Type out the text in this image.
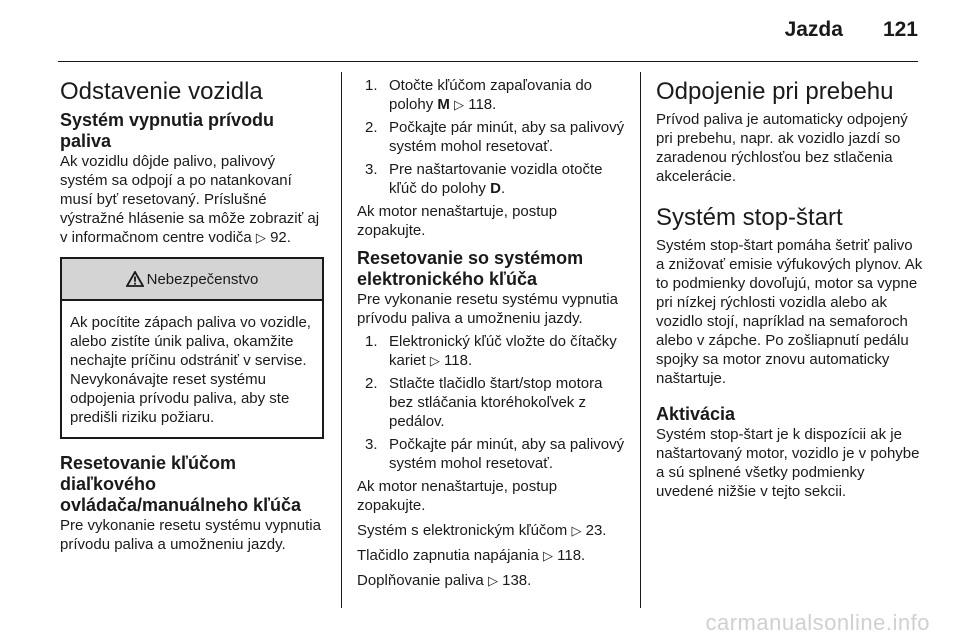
Jazda 121
Odstavenie vozidla
Systém vypnutia prívodu paliva

Ak vozidlu dôjde palivo, palivový systém sa odpojí a po natankovaní musí byť resetovaný. Príslušné výstražné hlásenie sa môže zobraziť aj v informačnom centre vodiča ▷ 92.

Nebezpečenstvo

Ak pocítite zápach paliva vo vozidle, alebo zistíte únik paliva, okamžite nechajte príčinu odstrániť v servise.

Nevykonávajte reset systému odpojenia prívodu paliva, aby ste predišli riziku požiaru.

Resetovanie kľúčom diaľkového ovládača/manuálneho kľúča

Pre vykonanie resetu systému vypnutia prívodu paliva a umožneniu jazdy.

1. Otočte kľúčom zapaľovania do polohy M ▷ 118.
2. Počkajte pár minút, aby sa palivový systém mohol resetovať.
3. Pre naštartovanie vozidla otočte kľúč do polohy D.

Ak motor nenaštartuje, postup zopakujte.

Resetovanie so systémom elektronického kľúča

Pre vykonanie resetu systému vypnutia prívodu paliva a umožneniu jazdy.

1. Elektronický kľúč vložte do čítačky kariet ▷ 118.
2. Stlačte tlačidlo štart/stop motora bez stláčania ktoréhokoľvek z pedálov.
3. Počkajte pár minút, aby sa palivový systém mohol resetovať.

Ak motor nenaštartuje, postup zopakujte.

Systém s elektronickým kľúčom ▷ 23.

Tlačidlo zapnutia napájania ▷ 118.

Doplňovanie paliva ▷ 138.

Odpojenie pri prebehu

Prívod paliva je automaticky odpojený pri prebehu, napr. ak vozidlo jazdí so zaradenou rýchlosťou bez stlačenia akcelerácie.

Systém stop-štart

Systém stop-štart pomáha šetriť palivo a znižovať emisie výfukových plynov. Ak to podmienky dovoľujú, motor sa vypne pri nízkej rýchlosti vozidla alebo ak vozidlo stojí, napríklad na semaforoch alebo v zápche. Po zošliapnutí pedálu spojky sa motor znovu automaticky naštartuje.

Aktivácia

Systém stop-štart je k dispozícii ak je naštartovaný motor, vozidlo je v pohybe a sú splnené všetky podmienky uvedené nižšie v tejto sekcii.

carmanualsonline.info
